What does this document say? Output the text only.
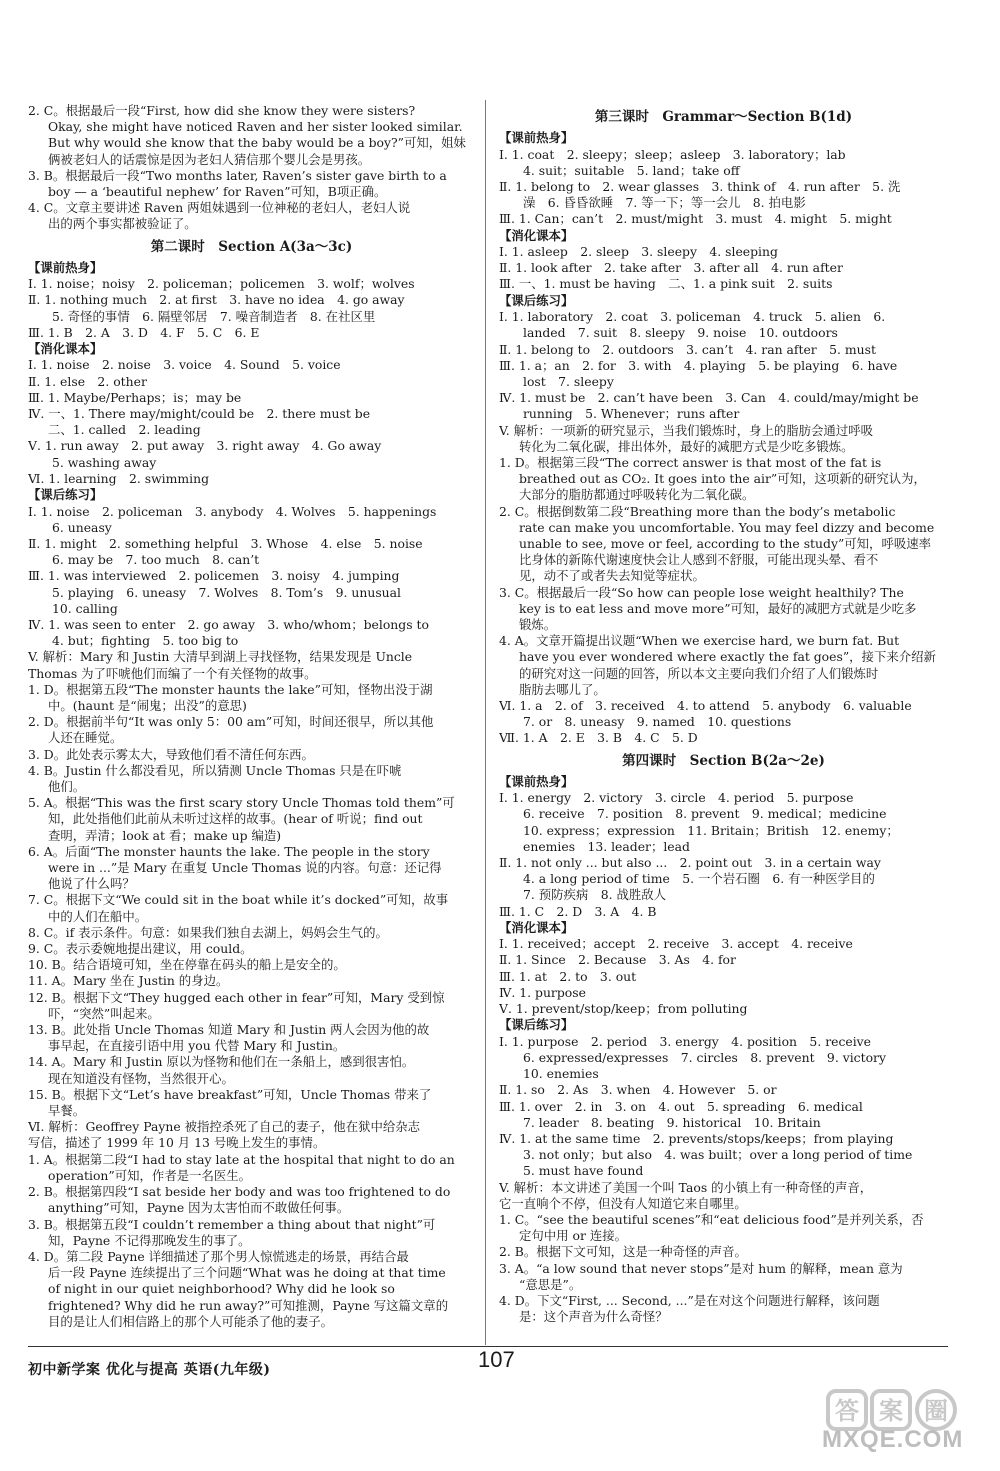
2. C。根据最后一段“First, how did she know they were sisters?
Okay, she might have noticed Raven and her sister looked similar.
But why would she know that the baby would be a boy?”可知，姐妹
俩被老妇人的话震惊是因为老妇人猜信那个婴儿会是男孩。
3. B。根据最后一段“Two months later, Raven’s sister gave birth to a
boy — a ‘beautiful nephew’ for Raven”可知，B项正确。
4. C。文章主要讲述 Raven 两姐妹遇到一位神秘的老妇人，老妇人说
出的两个事实都被验证了。
第二课时　Section A(3a～3c)
【课前热身】
Ⅰ. 1. noise；noisy　2. policeman；policemen　3. wolf；wolves
Ⅱ. 1. nothing much　2. at first　3. have no idea　4. go away
5. 奇怪的事情　6. 隔壁邻居　7. 噪音制造者　8. 在社区里
Ⅲ. 1. B　2. A　3. D　4. F　5. C　6. E
【消化课本】
Ⅰ. 1. noise　2. noise　3. voice　4. Sound　5. voice
Ⅱ. 1. else　2. other
Ⅲ. 1. Maybe/Perhaps；is；may be
Ⅳ. 一、1. There may/might/could be　2. there must be
二、1. called　2. leading
Ⅴ. 1. run away　2. put away　3. right away　4. Go away
5. washing away
Ⅵ. 1. learning　2. swimming
【课后练习】
Ⅰ. 1. noise　2. policeman　3. anybody　4. Wolves　5. happenings
6. uneasy
Ⅱ. 1. might　2. something helpful　3. Whose　4. else　5. noise
6. may be　7. too much　8. can’t
Ⅲ. 1. was interviewed　2. policemen　3. noisy　4. jumping
5. playing　6. uneasy　7. Wolves　8. Tom’s　9. unusual
10. calling
Ⅳ. 1. was seen to enter　2. go away　3. who/whom；belongs to
4. but；fighting　5. too big to
V. 解析：Mary 和 Justin 大清早到湖上寻找怪物，结果发现是 Uncle
Thomas 为了吓唬他们而编了一个有关怪物的故事。
1. D。根据第五段“The monster haunts the lake”可知，怪物出没于湖
中。(haunt 是“闹鬼；出没”的意思)
2. D。根据前半句“It was only 5：00 am”可知，时间还很早，所以其他
人还在睡觉。
3. D。此处表示雾太大，导致他们看不清任何东西。
4. B。Justin 什么都没看见，所以猜测 Uncle Thomas 只是在吓唬
他们。
5. A。根据“This was the first scary story Uncle Thomas told them”可
知，此处指他们此前从未听过这样的故事。(hear of 听说；find out
查明，弄清；look at 看；make up 编造)
6. A。后面“The monster haunts the lake. The people in the story
were in ...”是 Mary 在重复 Uncle Thomas 说的内容。句意：还记得
他说了什么吗？
7. C。根据下文“We could sit in the boat while it’s docked”可知，故事
中的人们在船中。
8. C。if 表示条件。句意：如果我们独自去湖上，妈妈会生气的。
9. C。表示委婉地提出建议，用 could。
10. B。结合语境可知，坐在停靠在码头的船上是安全的。
11. A。Mary 坐在 Justin 的身边。
12. B。根据下文“They hugged each other in fear”可知，Mary 受到惊
吓，“突然”叫起来。
13. B。此处指 Uncle Thomas 知道 Mary 和 Justin 两人会因为他的故
事早起，在直接引语中用 you 代替 Mary 和 Justin。
14. A。Mary 和 Justin 原以为怪物和他们在一条船上，感到很害怕。
现在知道没有怪物，当然很开心。
15. B。根据下文“Let’s have breakfast”可知，Uncle Thomas 带来了
早餐。
Ⅵ. 解析：Geoffrey Payne 被指控杀死了自己的妻子，他在狱中给杂志
写信，描述了 1999 年 10 月 13 号晚上发生的事情。
1. A。根据第二段“I had to stay late at the hospital that night to do an
operation”可知，作者是一名医生。
2. B。根据第四段“I sat beside her body and was too frightened to do
anything”可知，Payne 因为太害怕而不敢做任何事。
3. B。根据第五段“I couldn’t remember a thing about that night”可
知，Payne 不记得那晚发生的事了。
4. D。第二段 Payne 详细描述了那个男人惊慌逃走的场景，再结合最
后一段 Payne 连续提出了三个问题“What was he doing at that time
of night in our quiet neighborhood? Why did he look so
frightened? Why did he run away?”可知推测，Payne 写这篇文章的
目的是让人们相信路上的那个人可能杀了他的妻子。
第三课时　Grammar～Section B(1d)
【课前热身】
Ⅰ. 1. coat　2. sleepy；sleep；asleep　3. laboratory；lab
4. suit；suitable　5. land；take off
Ⅱ. 1. belong to　2. wear glasses　3. think of　4. run after　5. 洗
澡　6. 昏昏欲睡　7. 等一下；等一会儿　8. 拍电影
Ⅲ. 1. Can；can’t　2. must/might　3. must　4. might　5. might
【消化课本】
Ⅰ. 1. asleep　2. sleep　3. sleepy　4. sleeping
Ⅱ. 1. look after　2. take after　3. after all　4. run after
Ⅲ. 一、1. must be having　二、1. a pink suit　2. suits
【课后练习】
Ⅰ. 1. laboratory　2. coat　3. policeman　4. truck　5. alien　6.
landed　7. suit　8. sleepy　9. noise　10. outdoors
Ⅱ. 1. belong to　2. outdoors　3. can’t　4. ran after　5. must
Ⅲ. 1. a；an　2. for　3. with　4. playing　5. be playing　6. have
lost　7. sleepy
Ⅳ. 1. must be　2. can’t have been　3. Can　4. could/may/might be
running　5. Whenever；runs after
V. 解析：一项新的研究显示，当我们锻炼时，身上的脂肪会通过呼吸
转化为二氧化碳，排出体外，最好的减肥方式是少吃多锻炼。
1. D。根据第三段“The correct answer is that most of the fat is
breathed out as CO₂. It goes into the air”可知，这项新的研究认为，
大部分的脂肪都通过呼吸转化为二氧化碳。
2. C。根据倒数第二段“Breathing more than the body’s metabolic
rate can make you uncomfortable. You may feel dizzy and become
unable to see, move or feel, according to the study”可知，呼吸速率
比身体的新陈代谢速度快会让人感到不舒服，可能出现头晕、看不
见，动不了或者失去知觉等症状。
3. C。根据最后一段“So how can people lose weight healthily? The
key is to eat less and move more”可知，最好的减肥方式就是少吃多
锻炼。
4. A。文章开篇提出议题“When we exercise hard, we burn fat. But
have you ever wondered where exactly the fat goes”，接下来介绍新
的研究对这一问题的回答，所以本文主要向我们介绍了人们锻炼时
脂肪去哪儿了。
Ⅵ. 1. a　2. of　3. received　4. to attend　5. anybody　6. valuable
7. or　8. uneasy　9. named　10. questions
Ⅶ. 1. A　2. E　3. B　4. C　5. D
第四课时　Section B(2a～2e)
【课前热身】
Ⅰ. 1. energy　2. victory　3. circle　4. period　5. purpose
6. receive　7. position　8. prevent　9. medical；medicine
10. express；expression　11. Britain；British　12. enemy；
enemies　13. leader；lead
Ⅱ. 1. not only ... but also ...　2. point out　3. in a certain way
4. a long period of time　5. 一个岩石圈　6. 有一种医学目的
7. 预防疾病　8. 战胜敌人
Ⅲ. 1. C　2. D　3. A　4. B
【消化课本】
Ⅰ. 1. received；accept　2. receive　3. accept　4. receive
Ⅱ. 1. Since　2. Because　3. As　4. for
Ⅲ. 1. at　2. to　3. out
Ⅳ. 1. purpose
Ⅴ. 1. prevent/stop/keep；from polluting
【课后练习】
Ⅰ. 1. purpose　2. period　3. energy　4. position　5. receive
6. expressed/expresses　7. circles　8. prevent　9. victory
10. enemies
Ⅱ. 1. so　2. As　3. when　4. However　5. or
Ⅲ. 1. over　2. in　3. on　4. out　5. spreading　6. medical
7. leader　8. beating　9. historical　10. Britain
Ⅳ. 1. at the same time　2. prevents/stops/keeps；from playing
3. not only；but also　4. was built；over a long period of time
5. must have found
V. 解析：本文讲述了美国一个叫 Taos 的小镇上有一种奇怪的声音，
它一直响个不停，但没有人知道它来自哪里。
1. C。“see the beautiful scenes”和“eat delicious food”是并列关系，否
定句中用 or 连接。
2. B。根据下文可知，这是一种奇怪的声音。
3. A。“a low sound that never stops”是对 hum 的解释，mean 意为
“意思是”。
4. D。下文“First, ... Second, ...”是在对这个问题进行解释，该问题
是：这个声音为什么奇怪？
初中新学案 优化与提高 英语(九年级)	107
答 案 圈
MXQE.COM
